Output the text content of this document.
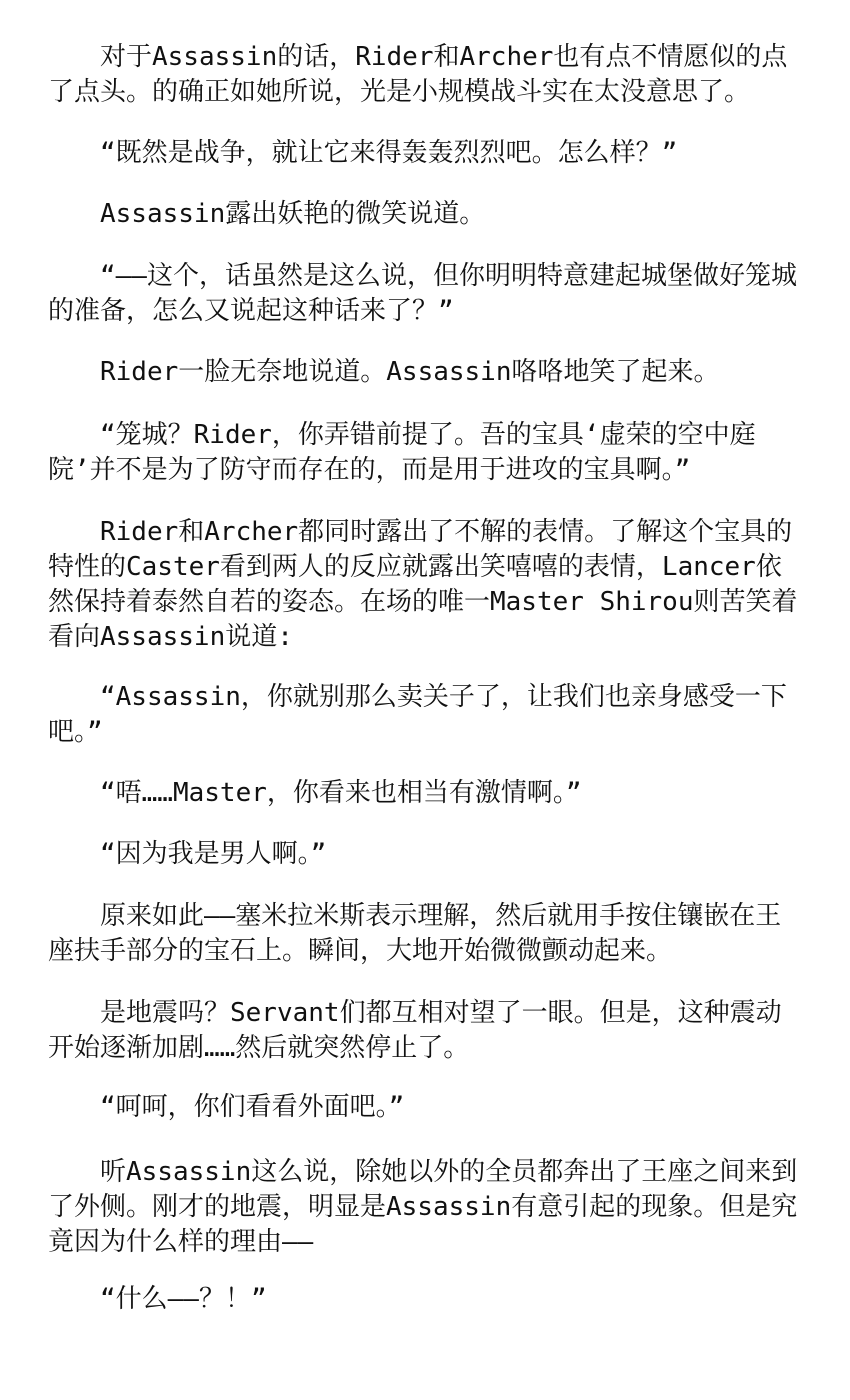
对于Assassin的话，Rider和Archer也有点不情愿似的点了点头。的确正如她所说，光是小规模战斗实在太没意思了。

“既然是战争，就让它来得轰轰烈烈吧。怎么样？”

Assassin露出妖艳的微笑说道。

“——这个，话虽然是这么说，但你明明特意建起城堡做好笼城的准备，怎么又说起这种话来了？”

Rider一脸无奈地说道。Assassin咯咯地笑了起来。

“笼城？Rider，你弄错前提了。吾的宝具‘虚荣的空中庭院’并不是为了防守而存在的，而是用于进攻的宝具啊。”

Rider和Archer都同时露出了不解的表情。了解这个宝具的特性的Caster看到两人的反应就露出笑嘻嘻的表情，Lancer依然保持着泰然自若的姿态。在场的唯一Master Shirou则苦笑着看向Assassin说道:

“Assassin，你就别那么卖关子了，让我们也亲身感受一下吧。”

“唔……Master，你看来也相当有激情啊。”

“因为我是男人啊。”

原来如此——塞米拉米斯表示理解，然后就用手按住镶嵌在王座扶手部分的宝石上。瞬间，大地开始微微颤动起来。

是地震吗？Servant们都互相对望了一眼。但是，这种震动开始逐渐加剧……然后就突然停止了。

“呵呵，你们看看外面吧。”

听Assassin这么说，除她以外的全员都奔出了王座之间来到了外侧。刚才的地震，明显是Assassin有意引起的现象。但是究竟因为什么样的理由——

“什么——？！”
